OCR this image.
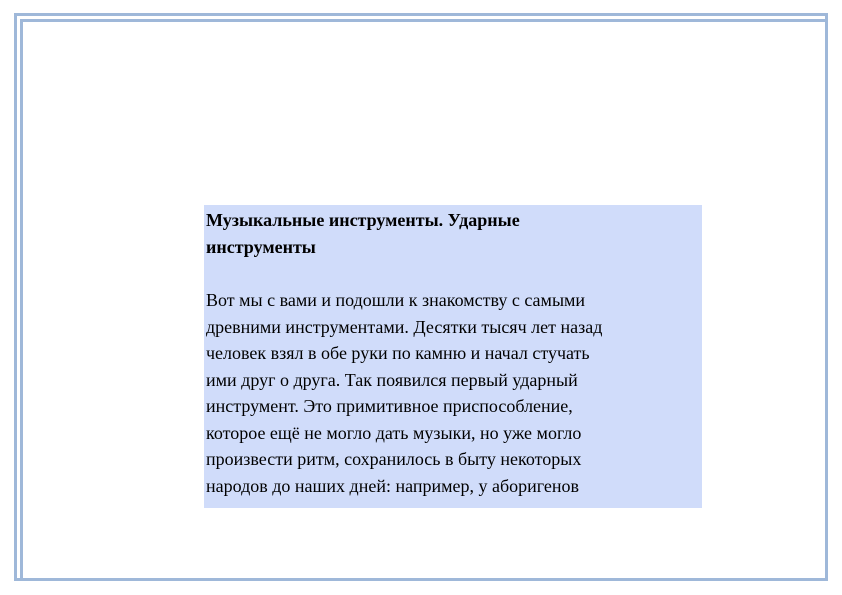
Музыкальные инструменты. Ударные инструменты

Вот мы с вами и подошли к знакомству с самыми
древними инструментами. Десятки тысяч лет назад
человек взял в обе руки по камню и начал стучать
ими друг о друга. Так появился первый ударный
инструмент. Это примитивное приспособление,
которое ещё не могло дать музыки, но уже могло
произвести ритм, сохранилось в быту некоторых
народов до наших дней: например, у аборигенов
